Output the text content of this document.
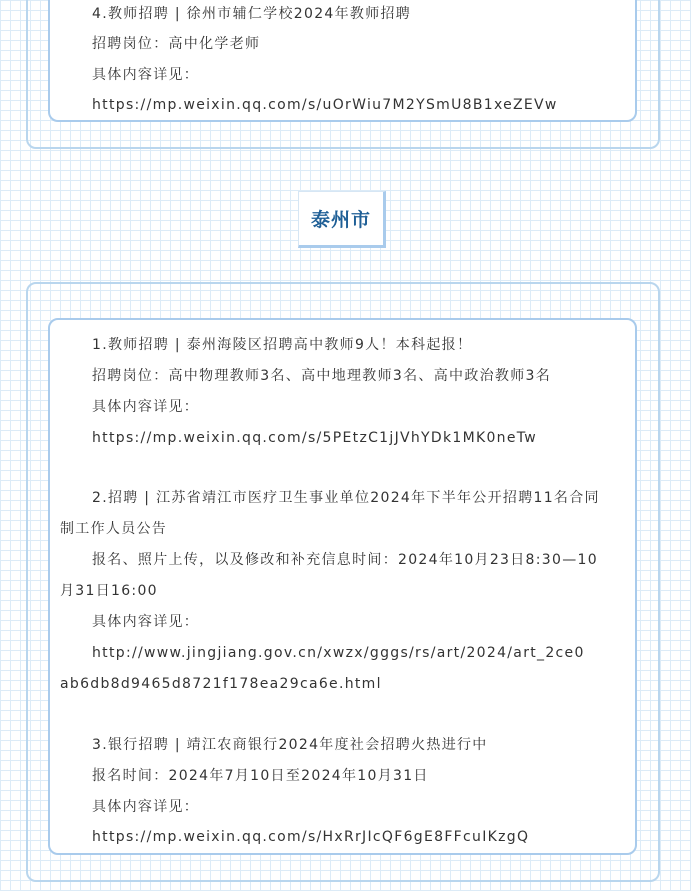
4.教师招聘 | 徐州市辅仁学校2024年教师招聘
招聘岗位：高中化学老师
具体内容详见：
https://mp.weixin.qq.com/s/uOrWiu7M2YSmU8B1xeZEVw
泰州市
1.教师招聘 | 泰州海陵区招聘高中教师9人！本科起报！
招聘岗位：高中物理教师3名、高中地理教师3名、高中政治教师3名
具体内容详见：
https://mp.weixin.qq.com/s/5PEtzC1jJVhYDk1MK0neTw
2.招聘 | 江苏省靖江市医疗卫生事业单位2024年下半年公开招聘11名合同
制工作人员公告
报名、照片上传，以及修改和补充信息时间：2024年10月23日8:30—10
月31日16:00
具体内容详见：
http://www.jingjiang.gov.cn/xwzx/gggs/rs/art/2024/art_2ce0
ab6db8d9465d8721f178ea29ca6e.html
3.银行招聘 | 靖江农商银行2024年度社会招聘火热进行中
报名时间：2024年7月10日至2024年10月31日
具体内容详见：
https://mp.weixin.qq.com/s/HxRrJIcQF6gE8FFcuIKzgQ
